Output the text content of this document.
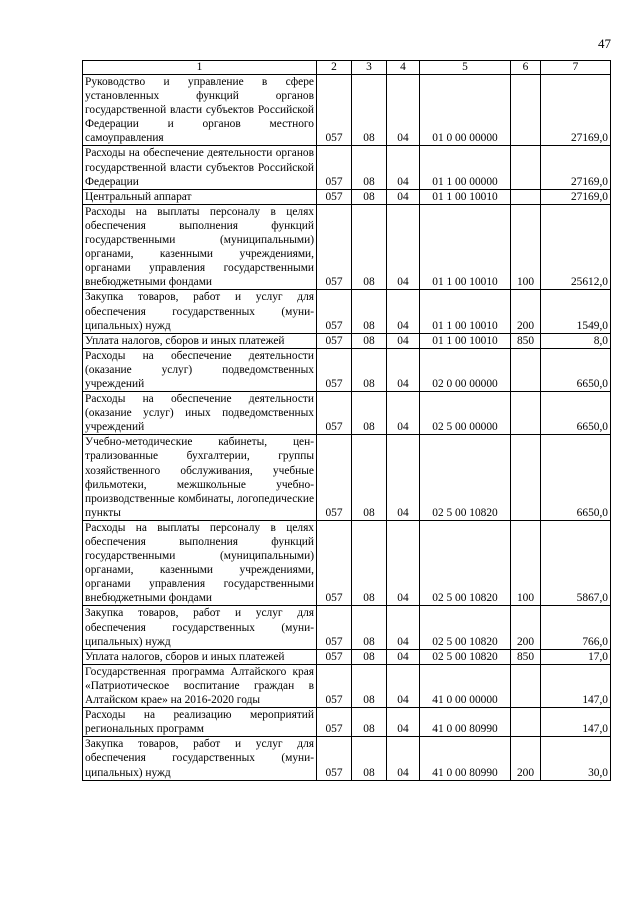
47
1	2	3	4	5	6	7
Руководство и управление в сфере установленных функций органов государственной власти субъектов Российской Федерации и органов местного самоуправления	057	08	04	01 0 00 00000		27169,0
Расходы на обеспечение деятельности органов государственной власти субъектов Российской Федерации	057	08	04	01 1 00 00000		27169,0
Центральный аппарат	057	08	04	01 1 00 10010		27169,0
Расходы на выплаты персоналу в целях обеспечения выполнения функций государственными (муниципальными) органами, казенными учреждениями, органами управления государственными внебюджетными фондами	057	08	04	01 1 00 10010	100	25612,0
Закупка товаров, работ и услуг для обеспечения государственных (муниципальных) нужд	057	08	04	01 1 00 10010	200	1549,0
Уплата налогов, сборов и иных платежей	057	08	04	01 1 00 10010	850	8,0
Расходы на обеспечение деятельности (оказание услуг) подведомственных учреждений	057	08	04	02 0 00 00000		6650,0
Расходы на обеспечение деятельности (оказание услуг) иных подведомственных учреждений	057	08	04	02 5 00 00000		6650,0
Учебно-методические кабинеты, централизованные бухгалтерии, группы хозяйственного обслуживания, учебные фильмотеки, межшкольные учебно-производственные комбинаты, логопедические пункты	057	08	04	02 5 00 10820		6650,0
Расходы на выплаты персоналу в целях обеспечения выполнения функций государственными (муниципальными) органами, казенными учреждениями, органами управления государственными внебюджетными фондами	057	08	04	02 5 00 10820	100	5867,0
Закупка товаров, работ и услуг для обеспечения государственных (муниципальных) нужд	057	08	04	02 5 00 10820	200	766,0
Уплата налогов, сборов и иных платежей	057	08	04	02 5 00 10820	850	17,0
Государственная программа Алтайского края «Патриотическое воспитание граждан в Алтайском крае» на 2016-2020 годы	057	08	04	41 0 00 00000		147,0
Расходы на реализацию мероприятий региональных программ	057	08	04	41 0 00 80990		147,0
Закупка товаров, работ и услуг для обеспечения государственных (муниципальных) нужд	057	08	04	41 0 00 80990	200	30,0
